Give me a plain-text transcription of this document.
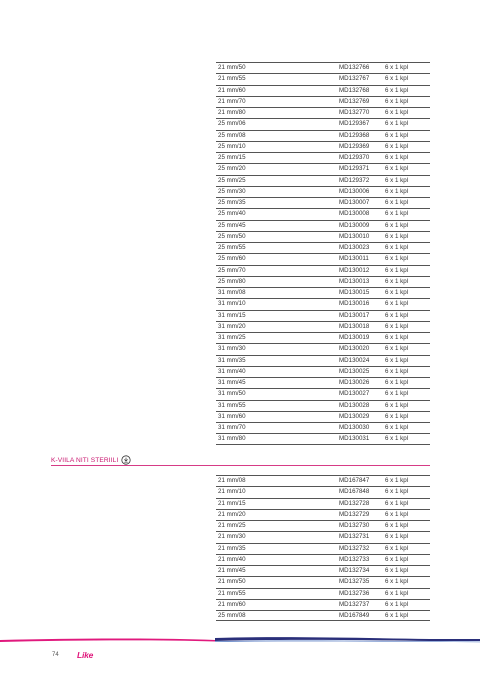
21 mm/50	MD132766	6 x 1 kpl
21 mm/55	MD132767	6 x 1 kpl
21 mm/60	MD132768	6 x 1 kpl
21 mm/70	MD132769	6 x 1 kpl
21 mm/80	MD132770	6 x 1 kpl
25 mm/06	MD129367	6 x 1 kpl
25 mm/08	MD129368	6 x 1 kpl
25 mm/10	MD129369	6 x 1 kpl
25 mm/15	MD129370	6 x 1 kpl
25 mm/20	MD129371	6 x 1 kpl
25 mm/25	MD129372	6 x 1 kpl
25 mm/30	MD130006	6 x 1 kpl
25 mm/35	MD130007	6 x 1 kpl
25 mm/40	MD130008	6 x 1 kpl
25 mm/45	MD130009	6 x 1 kpl
25 mm/50	MD130010	6 x 1 kpl
25 mm/55	MD130023	6 x 1 kpl
25 mm/60	MD130011	6 x 1 kpl
25 mm/70	MD130012	6 x 1 kpl
25 mm/80	MD130013	6 x 1 kpl
31 mm/08	MD130015	6 x 1 kpl
31 mm/10	MD130016	6 x 1 kpl
31 mm/15	MD130017	6 x 1 kpl
31 mm/20	MD130018	6 x 1 kpl
31 mm/25	MD130019	6 x 1 kpl
31 mm/30	MD130020	6 x 1 kpl
31 mm/35	MD130024	6 x 1 kpl
31 mm/40	MD130025	6 x 1 kpl
31 mm/45	MD130026	6 x 1 kpl
31 mm/50	MD130027	6 x 1 kpl
31 mm/55	MD130028	6 x 1 kpl
31 mm/60	MD130029	6 x 1 kpl
31 mm/70	MD130030	6 x 1 kpl
31 mm/80	MD130031	6 x 1 kpl
K-VIILA NITI STERIILI
21 mm/08	MD167847	6 x 1 kpl
21 mm/10	MD167848	6 x 1 kpl
21 mm/15	MD132728	6 x 1 kpl
21 mm/20	MD132729	6 x 1 kpl
21 mm/25	MD132730	6 x 1 kpl
21 mm/30	MD132731	6 x 1 kpl
21 mm/35	MD132732	6 x 1 kpl
21 mm/40	MD132733	6 x 1 kpl
21 mm/45	MD132734	6 x 1 kpl
21 mm/50	MD132735	6 x 1 kpl
21 mm/55	MD132736	6 x 1 kpl
21 mm/60	MD132737	6 x 1 kpl
25 mm/08	MD167849	6 x 1 kpl
74 Like
